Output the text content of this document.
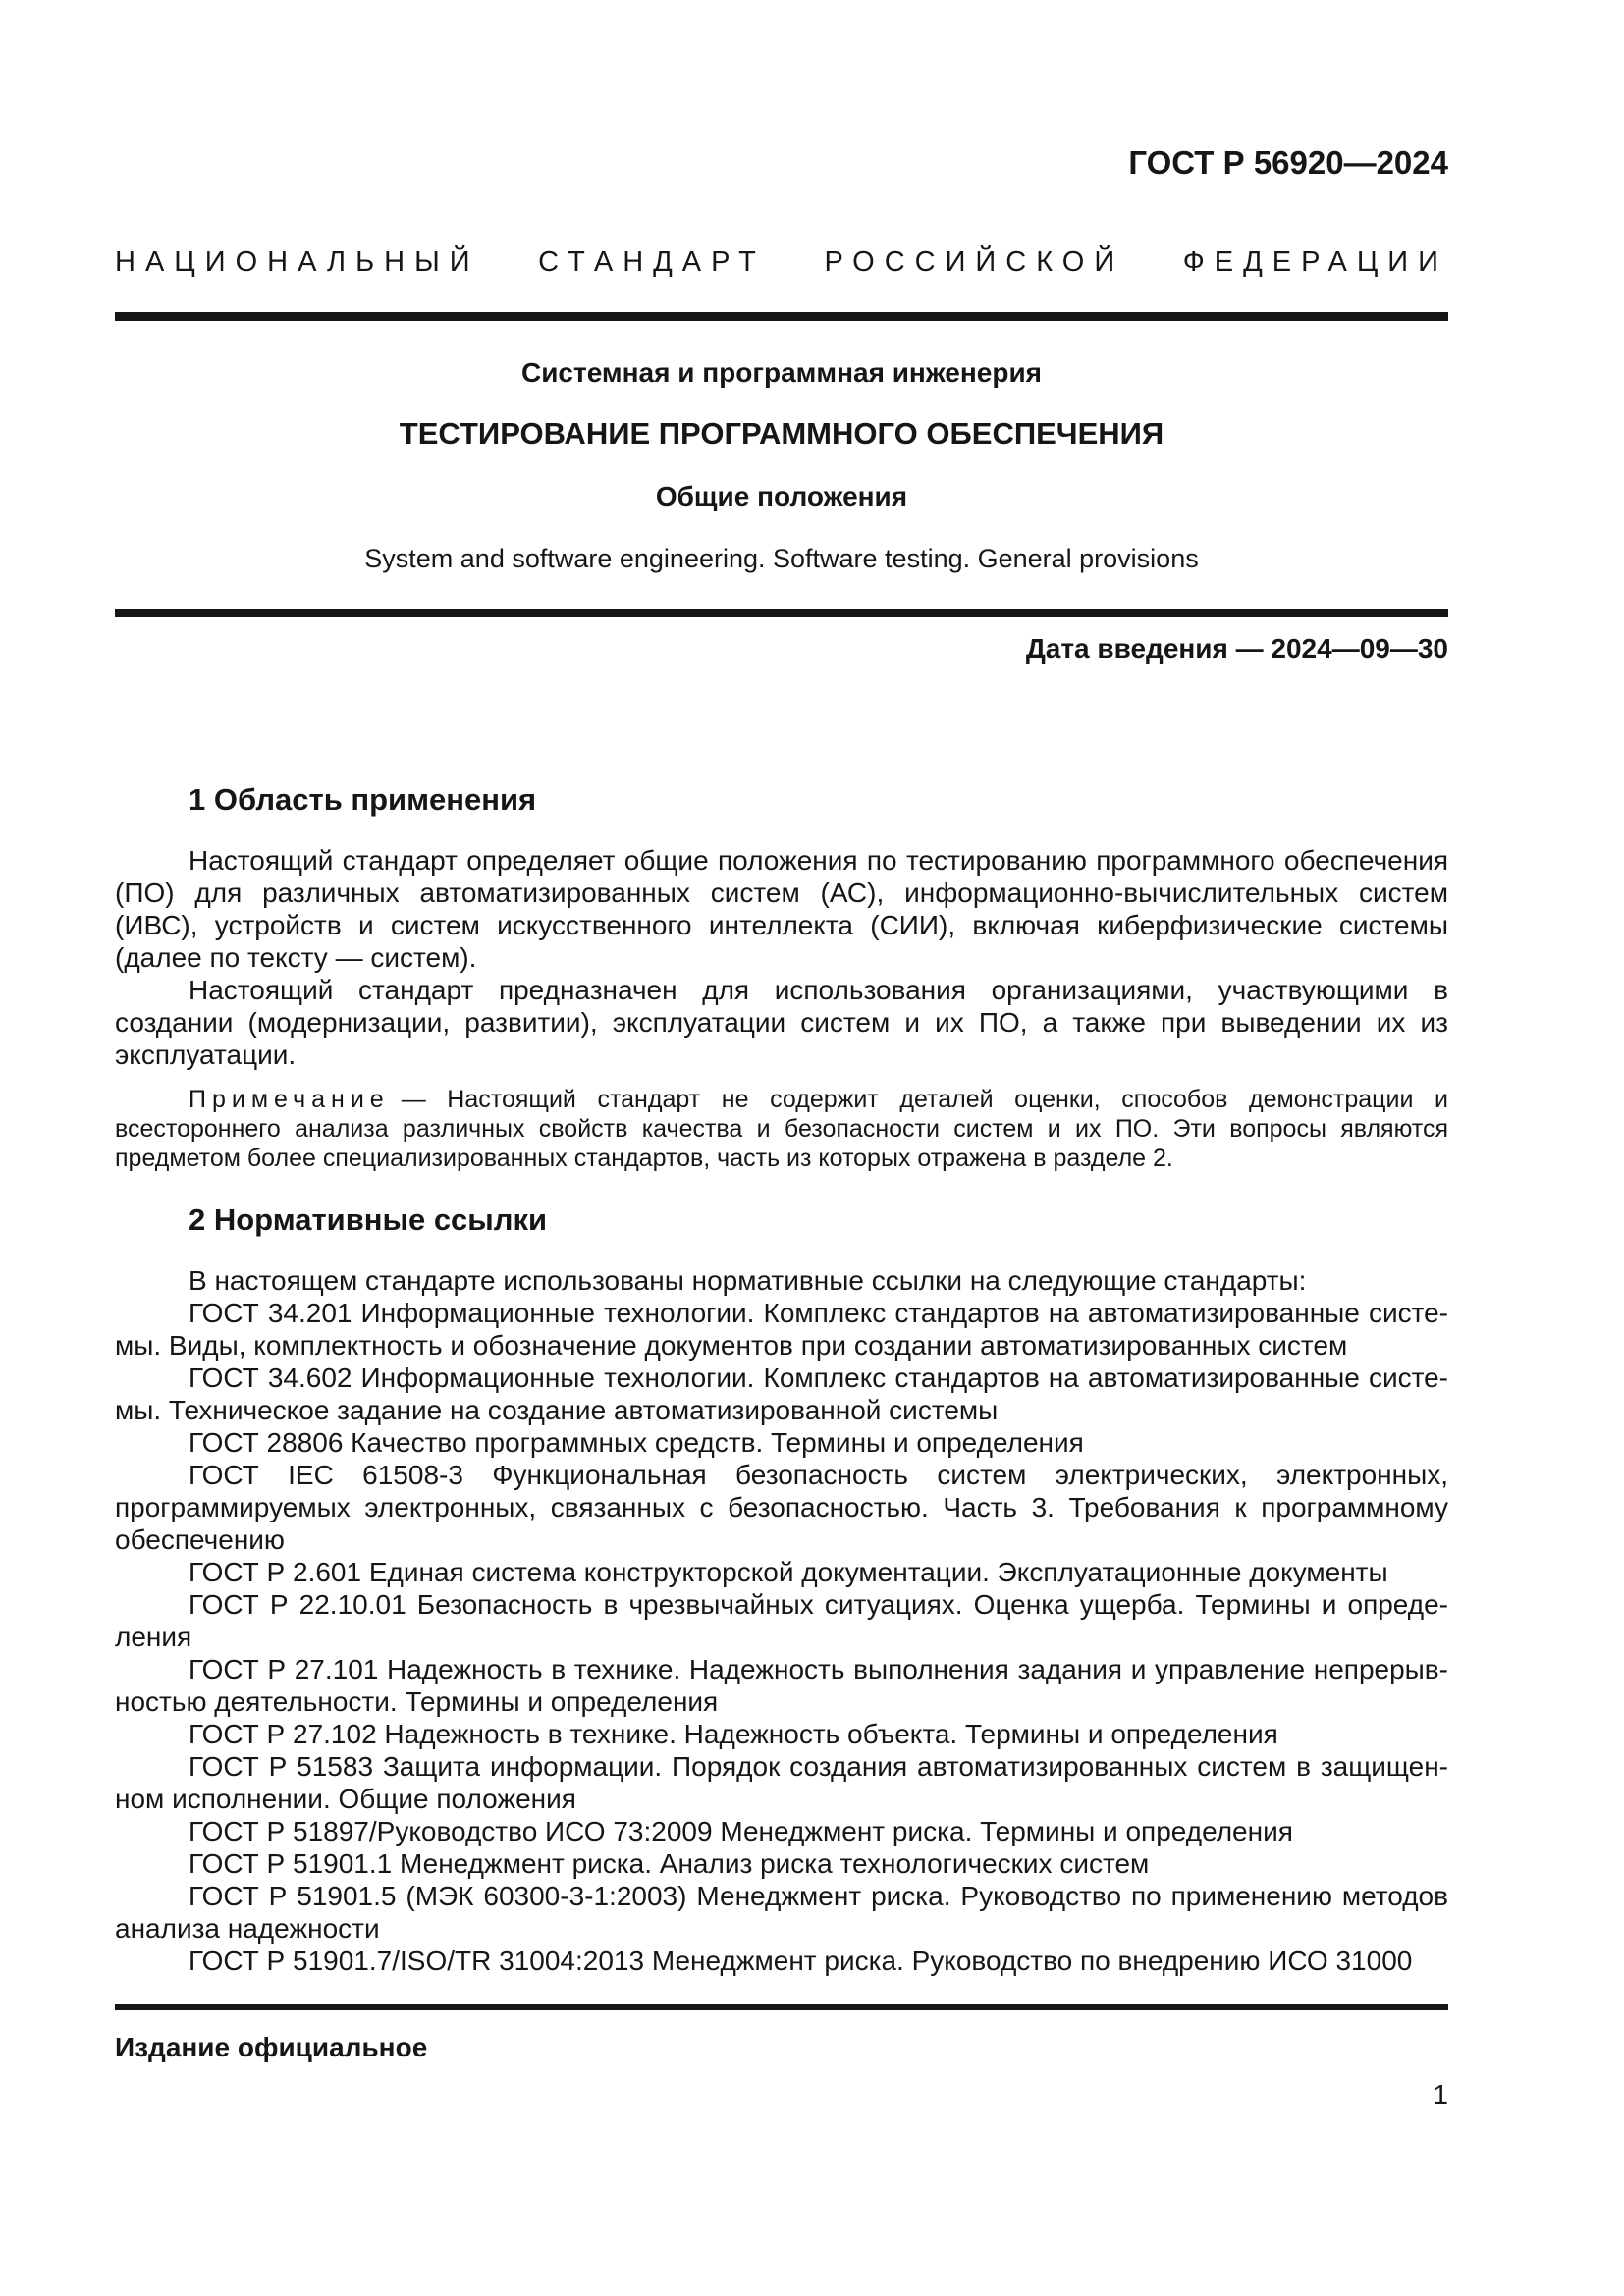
ГОСТ Р 56920—2024
НАЦИОНАЛЬНЫЙ СТАНДАРТ РОССИЙСКОЙ ФЕДЕРАЦИИ
Системная и программная инженерия
ТЕСТИРОВАНИЕ ПРОГРАММНОГО ОБЕСПЕЧЕНИЯ
Общие положения
System and software engineering. Software testing. General provisions
Дата введения — 2024—09—30
1 Область применения

Настоящий стандарт определяет общие положения по тестированию программного обеспечения (ПО) для различных автоматизированных систем (АС), информационно-вычислительных систем (ИВС), устройств и систем искусственного интеллекта (СИИ), включая киберфизические системы (далее по тексту — систем).

Настоящий стандарт предназначен для использования организациями, участвующими в создании (модернизации, развитии), эксплуатации систем и их ПО, а также при выведении их из эксплуатации.

Примечание — Настоящий стандарт не содержит деталей оценки, способов демонстрации и всестороннего анализа различных свойств качества и безопасности систем и их ПО. Эти вопросы являются предметом более специализированных стандартов, часть из которых отражена в разделе 2.

2 Нормативные ссылки

В настоящем стандарте использованы нормативные ссылки на следующие стандарты:

ГОСТ 34.201 Информационные технологии. Комплекс стандартов на автоматизированные системы. Виды, комплектность и обозначение документов при создании автоматизированных систем

ГОСТ 34.602 Информационные технологии. Комплекс стандартов на автоматизированные системы. Техническое задание на создание автоматизированной системы

ГОСТ 28806 Качество программных средств. Термины и определения

ГОСТ IEC 61508-3 Функциональная безопасность систем электрических, электронных, программируемых электронных, связанных с безопасностью. Часть 3. Требования к программному обеспечению

ГОСТ Р 2.601 Единая система конструкторской документации. Эксплуатационные документы

ГОСТ Р 22.10.01 Безопасность в чрезвычайных ситуациях. Оценка ущерба. Термины и определения

ГОСТ Р 27.101 Надежность в технике. Надежность выполнения задания и управление непрерывностью деятельности. Термины и определения

ГОСТ Р 27.102 Надежность в технике. Надежность объекта. Термины и определения

ГОСТ Р 51583 Защита информации. Порядок создания автоматизированных систем в защищенном исполнении. Общие положения

ГОСТ Р 51897/Руководство ИСО 73:2009 Менеджмент риска. Термины и определения

ГОСТ Р 51901.1 Менеджмент риска. Анализ риска технологических систем

ГОСТ Р 51901.5 (МЭК 60300-3-1:2003) Менеджмент риска. Руководство по применению методов анализа надежности

ГОСТ Р 51901.7/ISO/TR 31004:2013 Менеджмент риска. Руководство по внедрению ИСО 31000

Издание официальное
1
